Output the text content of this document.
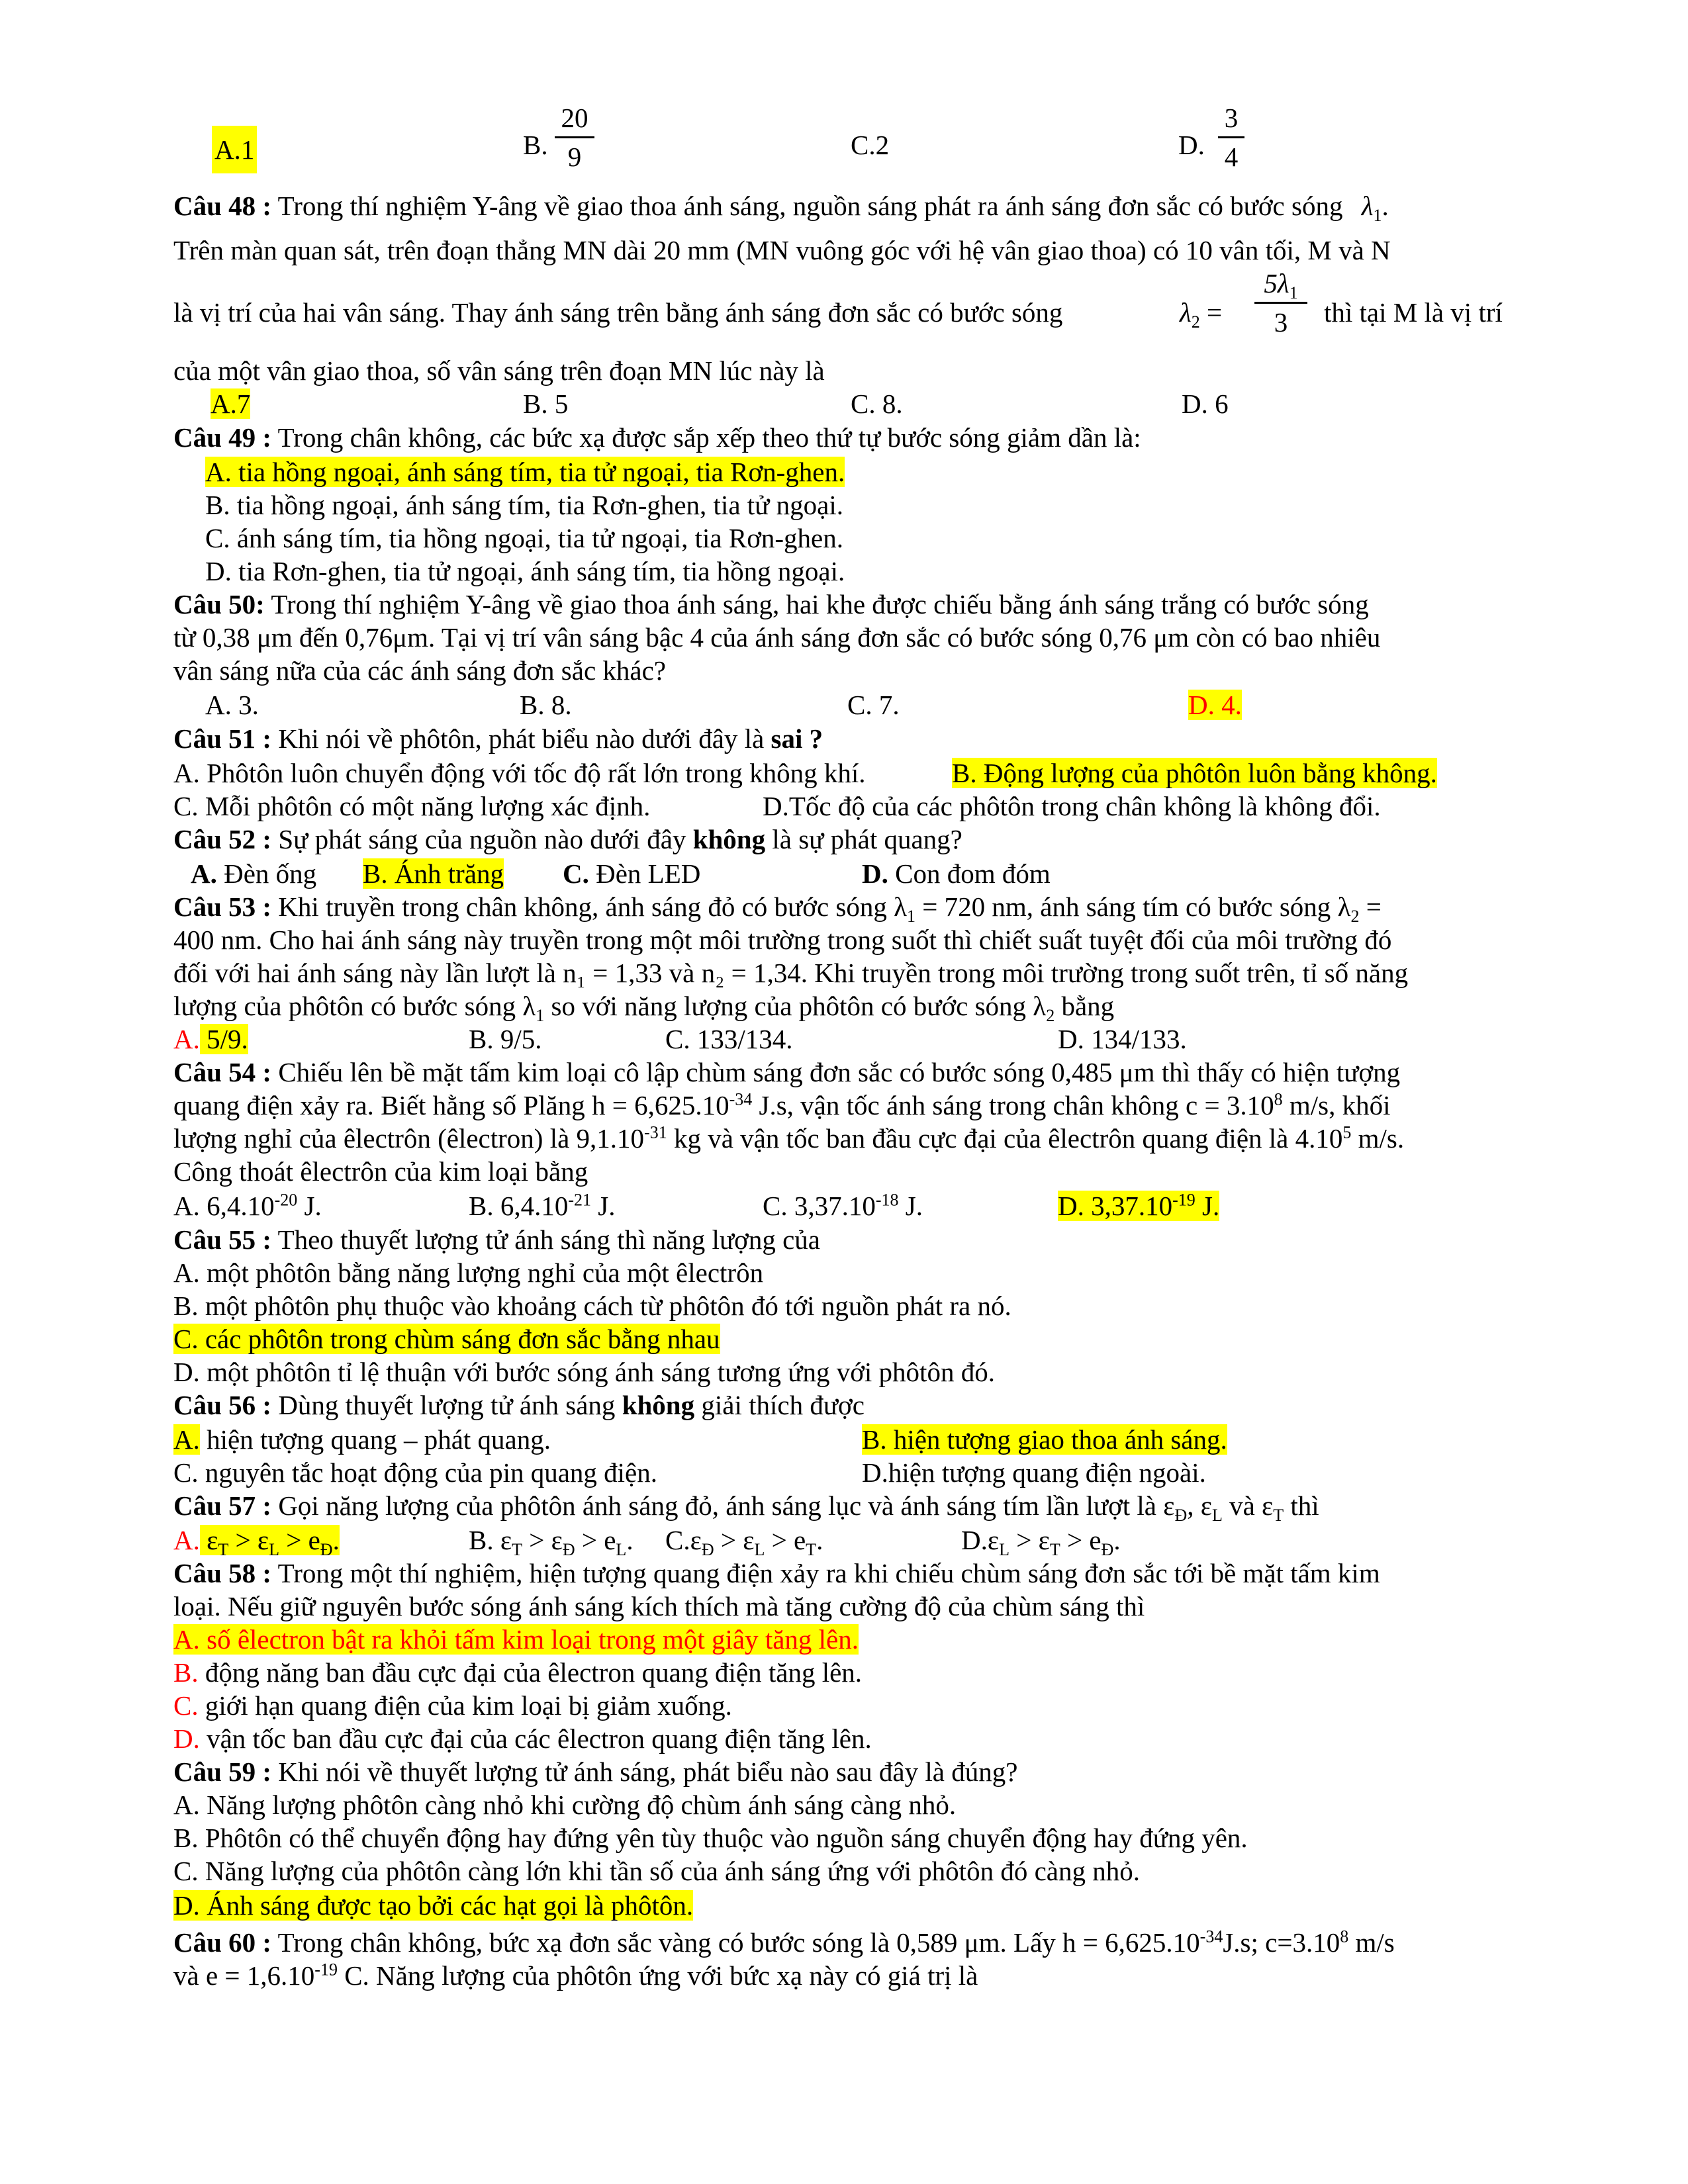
A.1	B.
20
9	C.2	D.
3
4
Câu 48 : Trong thí nghiệm Y-âng về giao thoa ánh sáng, nguồn sáng phát ra ánh sáng đơn sắc có bước sóng $\lambda_1$.
Trên màn quan sát, trên đoạn thẳng MN dài 20 mm (MN vuông góc với hệ vân giao thoa) có 10 vân tối, M và N
là vị trí của hai vân sáng. Thay ánh sáng trên bằng ánh sáng đơn sắc có bước sóng	$\lambda_2$ =
$5\lambda_1$
3	thì tại M là vị trí
của một vân giao thoa, số vân sáng trên đoạn MN lúc này là
A.7	B. 5	C. 8.	D. 6
Câu 49 : Trong chân không, các bức xạ được sắp xếp theo thứ tự bước sóng giảm dần là:
A. tia hồng ngoại, ánh sáng tím, tia tử ngoại, tia Rơn-ghen.
B. tia hồng ngoại, ánh sáng tím, tia Rơn-ghen, tia tử ngoại.
C. ánh sáng tím, tia hồng ngoại, tia tử ngoại, tia Rơn-ghen.
D. tia Rơn-ghen, tia tử ngoại, ánh sáng tím, tia hồng ngoại.
Câu 50: Trong thí nghiệm Y-âng về giao thoa ánh sáng, hai khe được chiếu bằng ánh sáng trắng có bước sóng
từ 0,38 μm đến 0,76μm. Tại vị trí vân sáng bậc 4 của ánh sáng đơn sắc có bước sóng 0,76 μm còn có bao nhiêu
vân sáng nữa của các ánh sáng đơn sắc khác?
A. 3.	B. 8.	C. 7.	D. 4.
Câu 51 : Khi nói về phôtôn, phát biểu nào dưới đây là sai ?
A. Phôtôn luôn chuyển động với tốc độ rất lớn trong không khí.	B. Động lượng của phôtôn luôn bằng không.
C. Mỗi phôtôn có một năng lượng xác định.	D.Tốc độ của các phôtôn trong chân không là không đổi.
Câu 52 : Sự phát sáng của nguồn nào dưới đây không là sự phát quang?
A. Đèn ống B. Ánh trăng C. Đèn LED	D. Con đom đóm
Câu 53 : Khi truyền trong chân không, ánh sáng đỏ có bước sóng $\lambda_1 = 720$ nm, ánh sáng tím có bước sóng $\lambda_2$ =
400 nm. Cho hai ánh sáng này truyền trong một môi trường trong suốt thì chiết suất tuyệt đối của môi trường đó
đối với hai ánh sáng này lần lượt là n₁ = 1,33 và n₂ = 1,34. Khi truyền trong môi trường trong suốt trên, tỉ số năng
lượng của phôtôn có bước sóng $\lambda_1$ so với năng lượng của phôtôn có bước sóng $\lambda_2$ bằng
A. 5/9.	B. 9/5.	C. 133/134.	D. 134/133.
Câu 54 : Chiếu lên bề mặt tấm kim loại cô lập chùm sáng đơn sắc có bước sóng 0,485 μm thì thấy có hiện tượng
quang điện xảy ra. Biết hằng số Plăng $h = 6,625.10^{-34}$ J.s, vận tốc ánh sáng trong chân không $c = 3.10^8$ m/s, khối
lượng nghỉ của êlectrôn (êlectron) là $9,1.10^{-31}$ kg và vận tốc ban đầu cực đại của êlectrôn quang điện là 4.10$^5$ m/s.
Công thoát êlectrôn của kim loại bằng
A. $6,4.10^{-20}$ J.	B. $6,4.10^{-21}$ J.	C. $3,37.10^{-18}$ J.	D. $3,37.10^{-19}$ J.
Câu 55 : Theo thuyết lượng tử ánh sáng thì năng lượng của
A. một phôtôn bằng năng lượng nghỉ của một êlectrôn
B. một phôtôn phụ thuộc vào khoảng cách từ phôtôn đó tới nguồn phát ra nó.
C. các phôtôn trong chùm sáng đơn sắc bằng nhau
D. một phôtôn tỉ lệ thuận với bước sóng ánh sáng tương ứng với phôtôn đó.
Câu 56 : Dùng thuyết lượng tử ánh sáng không giải thích được
A. hiện tượng quang – phát quang.	B. hiện tượng giao thoa ánh sáng.
C. nguyên tắc hoạt động của pin quang điện.	D.hiện tượng quang điện ngoài.
Câu 57 : Gọi năng lượng của phôtôn ánh sáng đỏ, ánh sáng lục và ánh sáng tím lần lượt là $\varepsilon_Đ$, $\varepsilon_L$ và $\varepsilon_T$ thì
A. $\varepsilon_T > \varepsilon_L > e_Đ$.	B. $\varepsilon_T > \varepsilon_Đ > e_L$. $C.\varepsilon_Đ > \varepsilon_L > e_T$.	$D.\varepsilon_L > \varepsilon_T > e_Đ$.
Câu 58 : Trong một thí nghiệm, hiện tượng quang điện xảy ra khi chiếu chùm sáng đơn sắc tới bề mặt tấm kim
loại. Nếu giữ nguyên bước sóng ánh sáng kích thích mà tăng cường độ của chùm sáng thì
A. số êlectron bật ra khỏi tấm kim loại trong một giây tăng lên.
B. động năng ban đầu cực đại của êlectron quang điện tăng lên.
C. giới hạn quang điện của kim loại bị giảm xuống.
D. vận tốc ban đầu cực đại của các êlectron quang điện tăng lên.
Câu 59 : Khi nói về thuyết lượng tử ánh sáng, phát biểu nào sau đây là đúng?
A. Năng lượng phôtôn càng nhỏ khi cường độ chùm ánh sáng càng nhỏ.
B. Phôtôn có thể chuyển động hay đứng yên tùy thuộc vào nguồn sáng chuyển động hay đứng yên.
C. Năng lượng của phôtôn càng lớn khi tần số của ánh sáng ứng với phôtôn đó càng nhỏ.
D. Ánh sáng được tạo bởi các hạt gọi là phôtôn.
Câu 60 : Trong chân không, bức xạ đơn sắc vàng có bước sóng là 0,589 μm. Lấy $h = 6,625.10^{-34}J.s$; $c=3.10^8$ m/s
và $e = 1,6.10^{-19}$ C. Năng lượng của phôtôn ứng với bức xạ này có giá trị là
